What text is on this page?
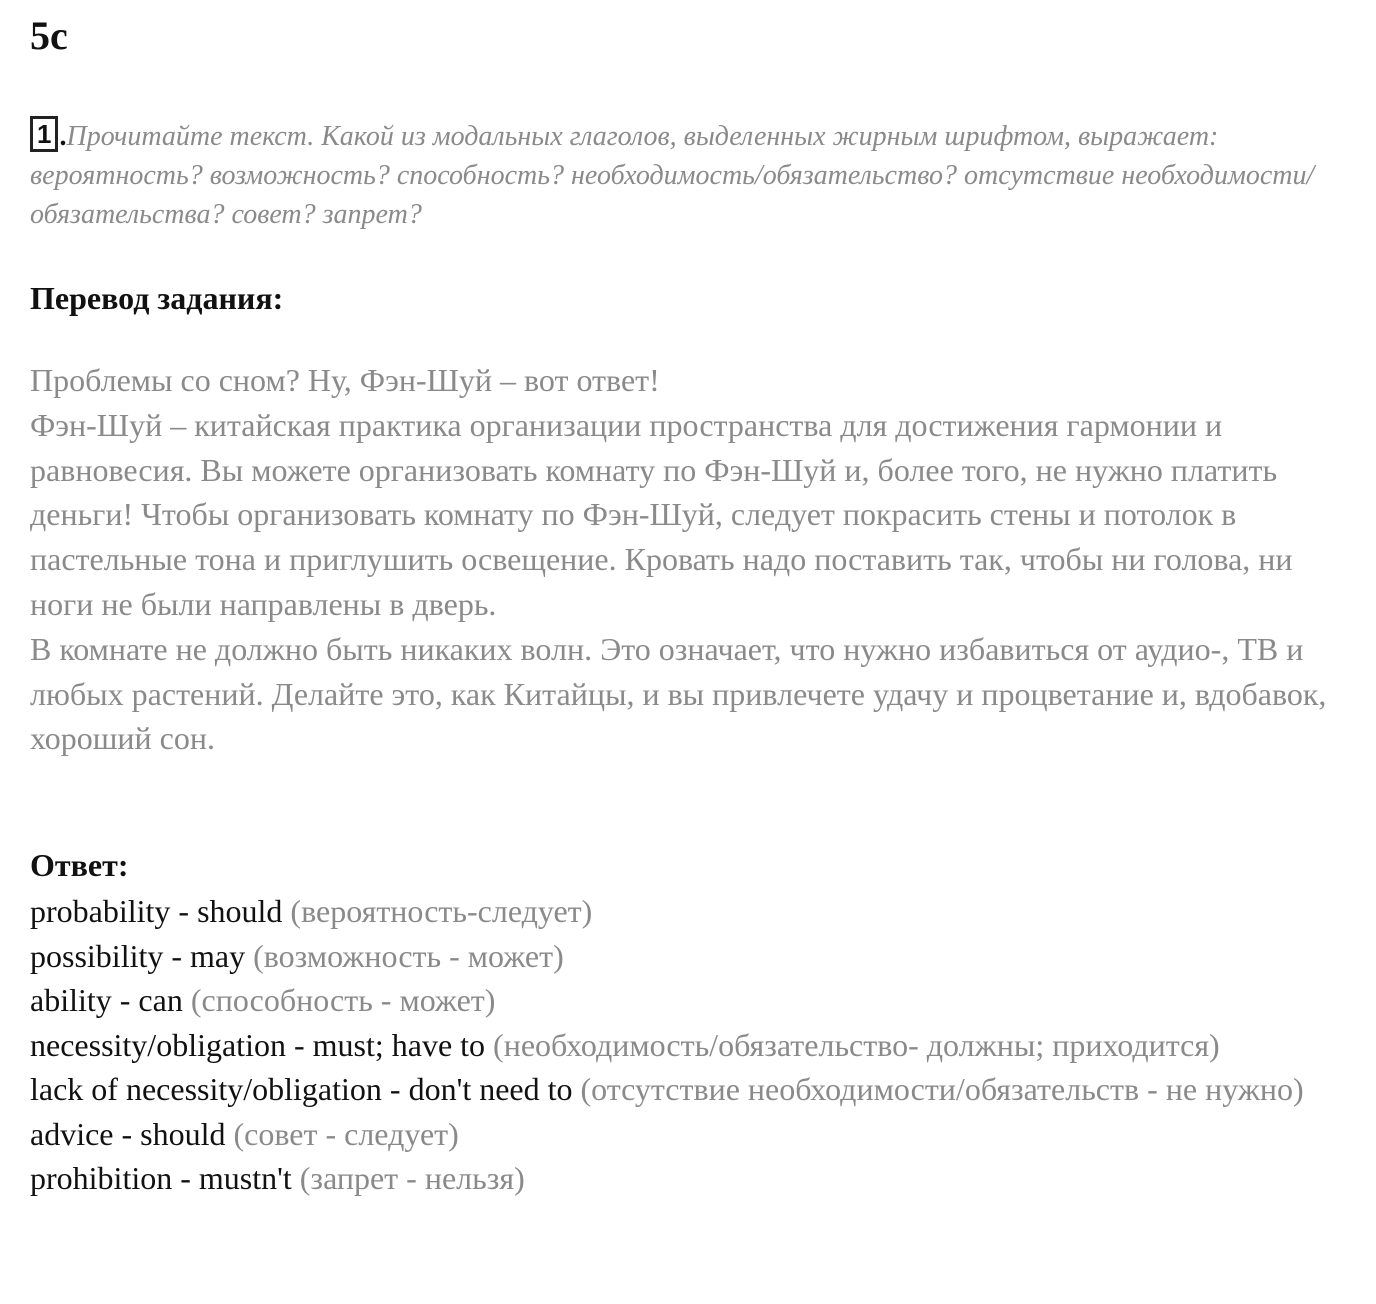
5c
1 .Прочитайте текст. Какой из модальных глаголов, выделенных жирным шрифтом, выражает: вероятность? возможность? способность? необходимость/обязательство? отсутствие необходимости/обязательства? совет? запрет?
Перевод задания:

Проблемы со сном? Ну, Фэн-Шуй – вот ответ!

Фэн-Шуй – китайская практика организации пространства для достижения гармонии и равновесия. Вы можете организовать комнату по Фэн-Шуй и, более того, не нужно платить деньги! Чтобы организовать комнату по Фэн-Шуй, следует покрасить стены и потолок в пастельные тона и приглушить освещение. Кровать надо поставить так, чтобы ни голова, ни ноги не были направлены в дверь.

В комнате не должно быть никаких волн. Это означает, что нужно избавиться от аудио-, ТВ и любых растений. Делайте это, как Китайцы, и вы привлечете удачу и процветание и, вдобавок, хороший сон.

Ответ:

probability - should (вероятность-следует)

possibility - may (возможность - может)

ability - can (способность - может)

necessity/obligation - must; have to (необходимость/обязательство- должны; приходится)

lack of necessity/obligation - don't need to (отсутствие необходимости/обязательств - не нужно)

advice - should (совет - следует)

prohibition - mustn't (запрет - нельзя)
